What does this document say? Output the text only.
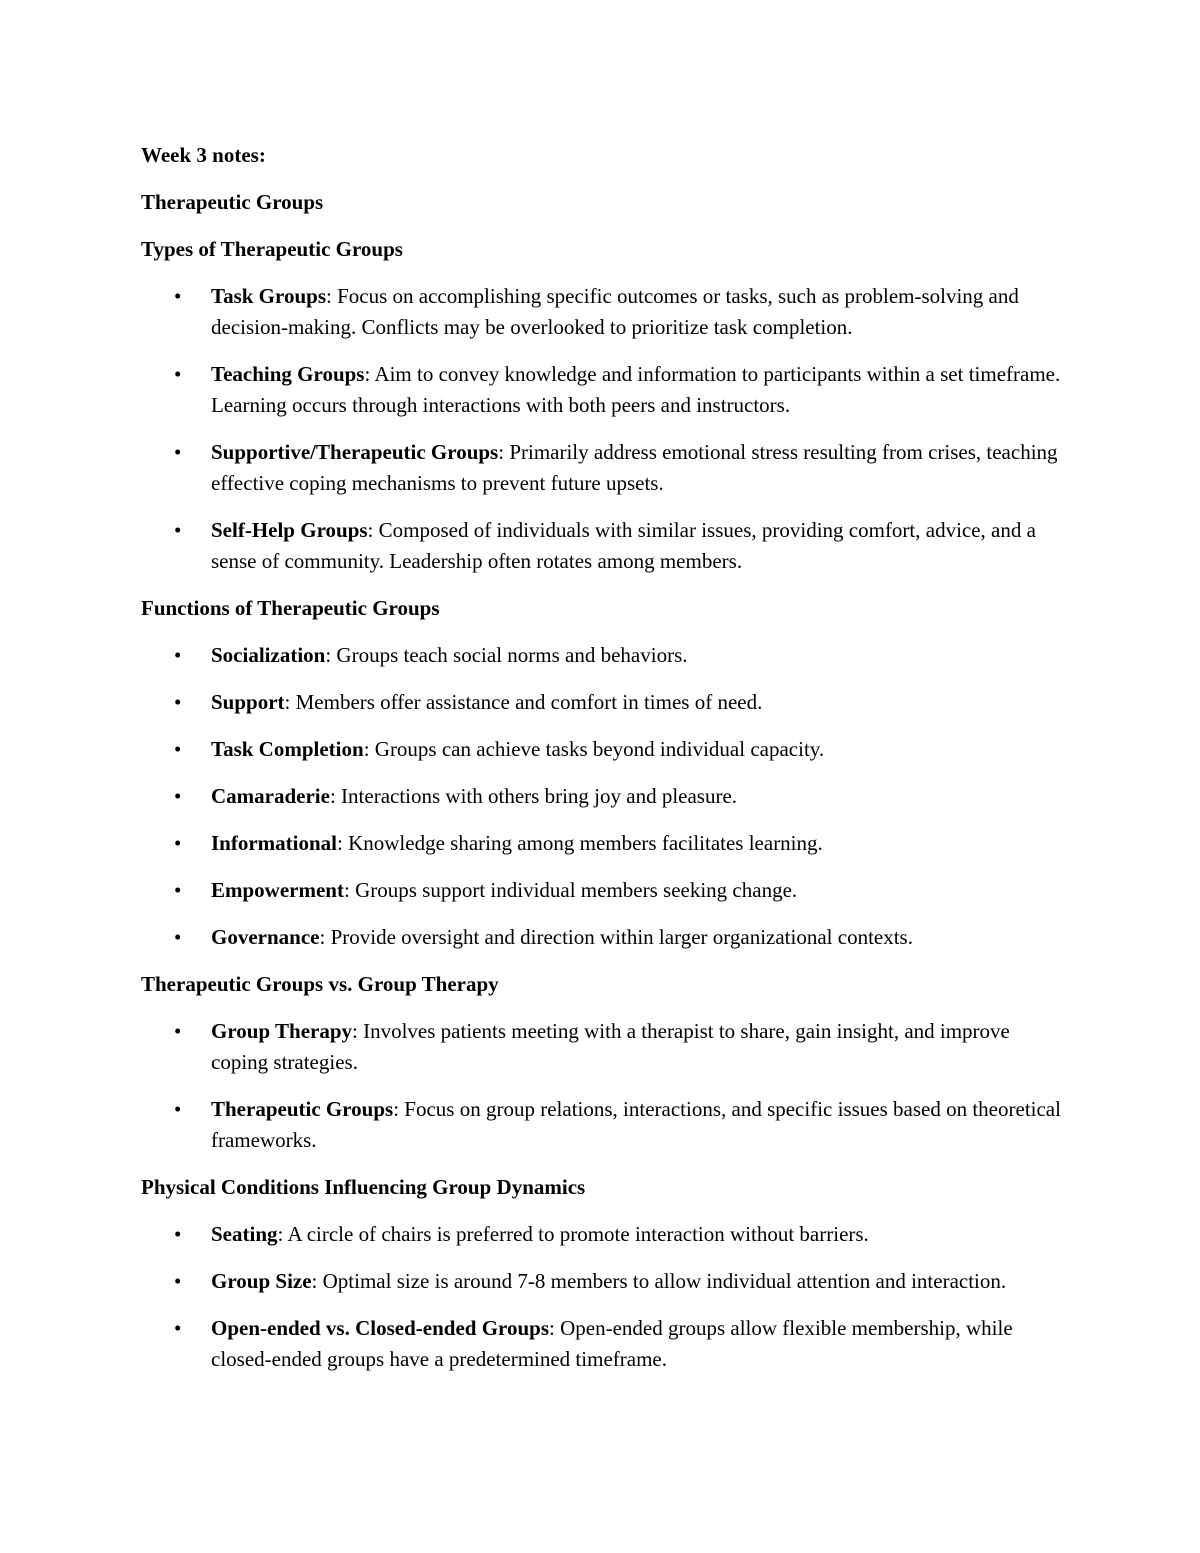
Week 3 notes:
Therapeutic Groups
Types of Therapeutic Groups
• Task Groups: Focus on accomplishing specific outcomes or tasks, such as problem-solving and decision-making. Conflicts may be overlooked to prioritize task completion.
• Teaching Groups: Aim to convey knowledge and information to participants within a set timeframe. Learning occurs through interactions with both peers and instructors.
• Supportive/Therapeutic Groups: Primarily address emotional stress resulting from crises, teaching effective coping mechanisms to prevent future upsets.
• Self-Help Groups: Composed of individuals with similar issues, providing comfort, advice, and a sense of community. Leadership often rotates among members.
Functions of Therapeutic Groups
• Socialization: Groups teach social norms and behaviors.
• Support: Members offer assistance and comfort in times of need.
• Task Completion: Groups can achieve tasks beyond individual capacity.
• Camaraderie: Interactions with others bring joy and pleasure.
• Informational: Knowledge sharing among members facilitates learning.
• Empowerment: Groups support individual members seeking change.
• Governance: Provide oversight and direction within larger organizational contexts.
Therapeutic Groups vs. Group Therapy
• Group Therapy: Involves patients meeting with a therapist to share, gain insight, and improve coping strategies.
• Therapeutic Groups: Focus on group relations, interactions, and specific issues based on theoretical frameworks.
Physical Conditions Influencing Group Dynamics
• Seating: A circle of chairs is preferred to promote interaction without barriers.
• Group Size: Optimal size is around 7-8 members to allow individual attention and interaction.
• Open-ended vs. Closed-ended Groups: Open-ended groups allow flexible membership, while closed-ended groups have a predetermined timeframe.
